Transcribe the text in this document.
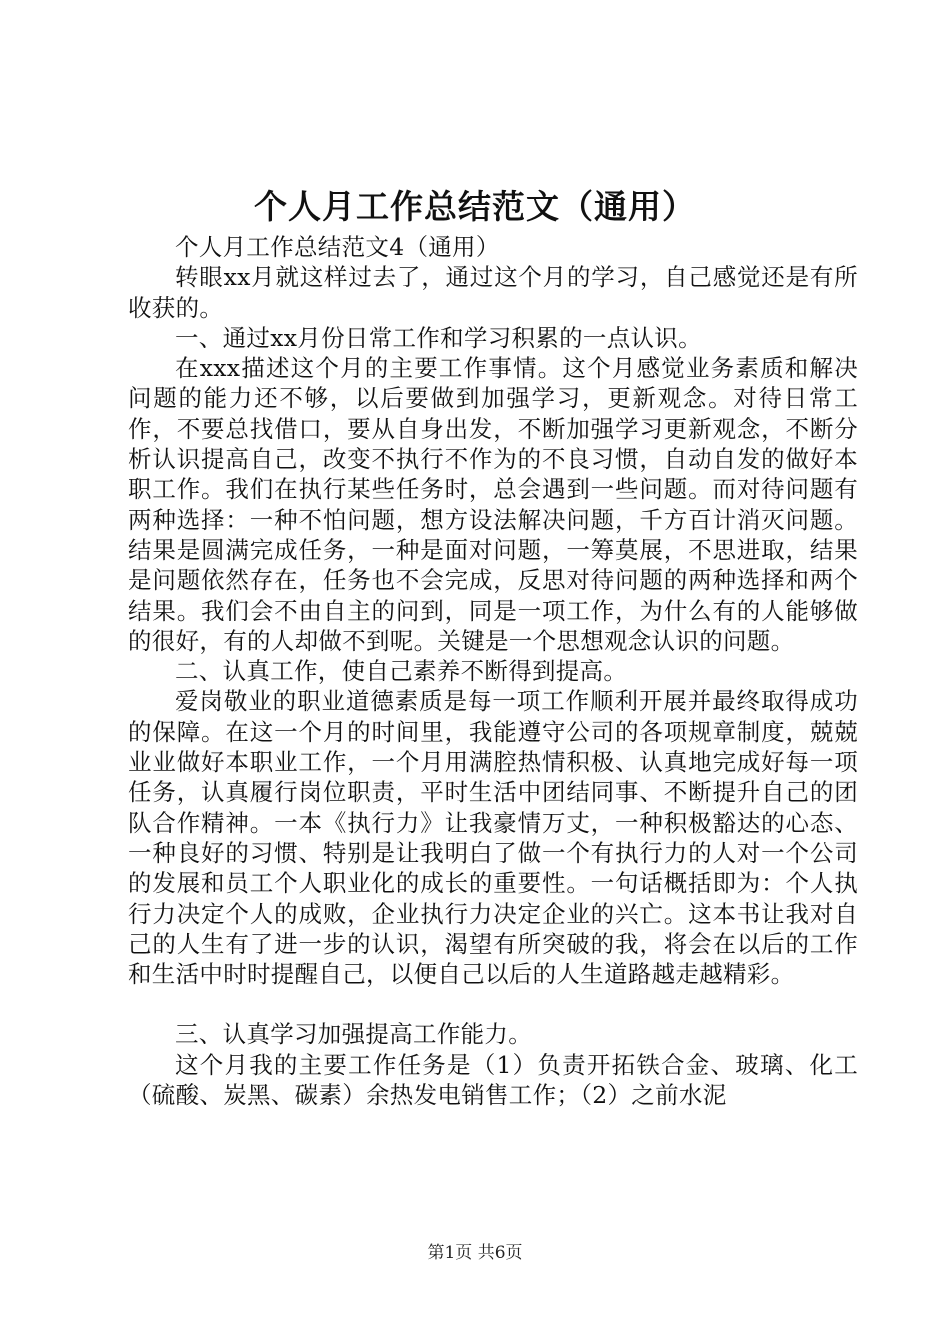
个人月工作总结范文（通用）

个人月工作总结范文4（通用）

转眼xx月就这样过去了，通过这个月的学习，自己感觉还是有所收获的。

一、通过xx月份日常工作和学习积累的一点认识。

在xxx描述这个月的主要工作事情。这个月感觉业务素质和解决问题的能力还不够，以后要做到加强学习，更新观念。对待日常工作，不要总找借口，要从自身出发，不断加强学习更新观念，不断分析认识提高自己，改变不执行不作为的不良习惯，自动自发的做好本职工作。我们在执行某些任务时，总会遇到一些问题。而对待问题有两种选择：一种不怕问题，想方设法解决问题，千方百计消灭问题。结果是圆满完成任务，一种是面对问题，一筹莫展，不思进取，结果是问题依然存在，任务也不会完成，反思对待问题的两种选择和两个结果。我们会不由自主的问到，同是一项工作，为什么有的人能够做的很好，有的人却做不到呢。关键是一个思想观念认识的问题。

二、认真工作，使自己素养不断得到提高。

爱岗敬业的职业道德素质是每一项工作顺利开展并最终取得成功的保障。在这一个月的时间里，我能遵守公司的各项规章制度，兢兢业业做好本职业工作，一个月用满腔热情积极、认真地完成好每一项任务，认真履行岗位职责，平时生活中团结同事、不断提升自己的团队合作精神。一本《执行力》让我豪情万丈，一种积极豁达的心态、一种良好的习惯、特别是让我明白了做一个有执行力的人对一个公司的发展和员工个人职业化的成长的重要性。一句话概括即为：个人执行力决定个人的成败，企业执行力决定企业的兴亡。这本书让我对自己的人生有了进一步的认识，渴望有所突破的我，将会在以后的工作和生活中时时提醒自己，以便自己以后的人生道路越走越精彩。

三、认真学习加强提高工作能力。

这个月我的主要工作任务是（1）负责开拓铁合金、玻璃、化工（硫酸、炭黑、碳素）余热发电销售工作；（2）之前水泥

第1页 共6页
